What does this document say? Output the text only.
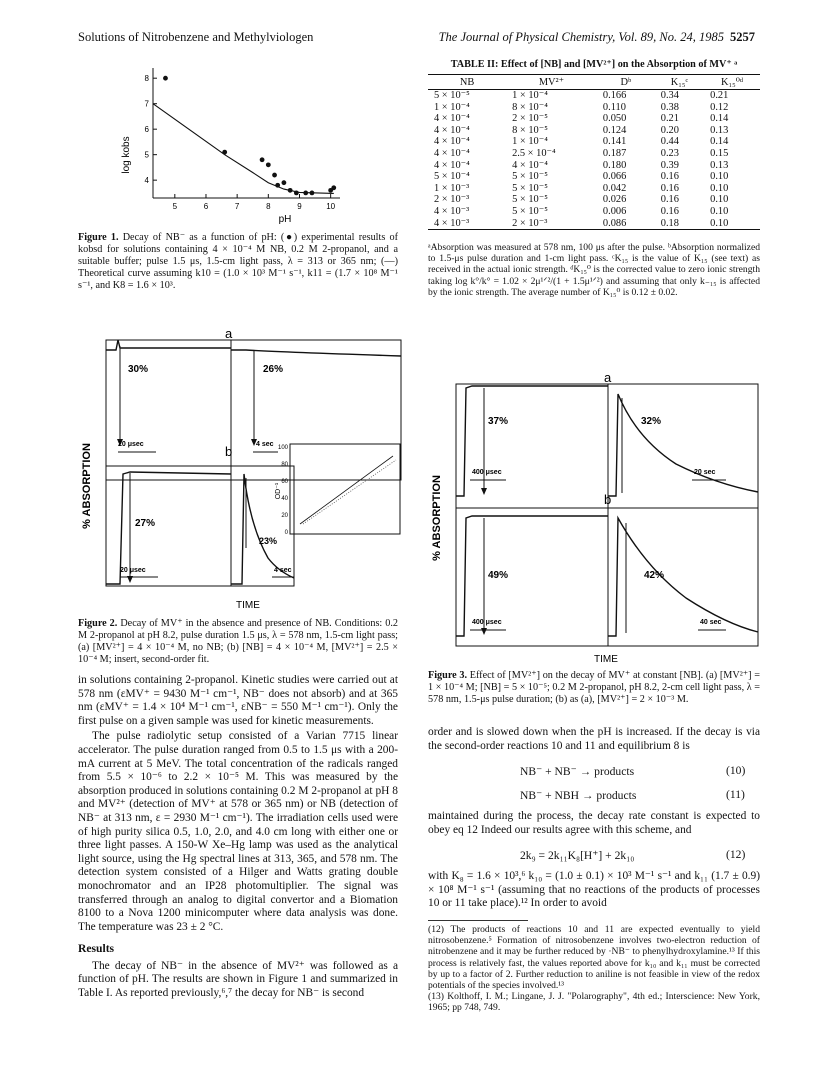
Solutions of Nitrobenzene and Methylviologen	The Journal of Physical Chemistry, Vol. 89, No. 24, 1985 5257
4
5
6
7
8
5	6	7	8	9	10
log kobs
pH
Figure 1. Decay of NB⁻ as a function of pH: (●) experimental results of kobsd for solutions containing 4 × 10⁻⁴ M NB, 0.2 M 2-propanol, and a suitable buffer; pulse 1.5 μs, 1.5-cm light pass, λ = 313 or 365 nm; (—) Theoretical curve assuming k10 = (1.0 × 10³ M⁻¹ s⁻¹, k11 = (1.7 × 10⁸ M⁻¹ s⁻¹, and K8 = 1.6 × 10³.
% ABSORPTION
a
30%	26%
20 μsec	4 sec
b
27%
20 μsec
23%
4 sec
OD⁻¹
100
80
60
40
20
0
TIME
Figure 2. Decay of MV⁺ in the absence and presence of NB. Conditions: 0.2 M 2-propanol at pH 8.2, pulse duration 1.5 μs, λ = 578 nm, 1.5-cm light pass; (a) [MV²⁺] = 4 × 10⁻⁴ M, no NB; (b) [NB] = 4 × 10⁻⁴ M, [MV²⁺] = 2.5 × 10⁻⁴ M; insert, second-order fit.

in solutions containing 2-propanol. Kinetic studies were carried out at 578 nm (εMV⁺ = 9430 M⁻¹ cm⁻¹, NB⁻ does not absorb) and at 365 nm (εMV⁺ = 1.4 × 10⁴ M⁻¹ cm⁻¹, εNB⁻ = 550 M⁻¹ cm⁻¹). Only the first pulse on a given sample was used for kinetic measurements.

The pulse radiolytic setup consisted of a Varian 7715 linear accelerator. The pulse duration ranged from 0.5 to 1.5 μs with a 200-mA current at 5 MeV. The total concentration of the radicals ranged from 5.5 × 10⁻⁶ to 2.2 × 10⁻⁵ M. This was measured by the absorption produced in solutions containing 0.2 M 2-propanol at pH 8 and MV²⁺ (detection of MV⁺ at 578 or 365 nm) or NB (detection of NB⁻ at 313 nm, ε = 2930 M⁻¹ cm⁻¹). The irradiation cells used were of high purity silica 0.5, 1.0, 2.0, and 4.0 cm long with either one or three light passes. A 150-W Xe–Hg lamp was used as the analytical light source, using the Hg spectral lines at 313, 365, and 578 nm. The detection system consisted of a Hilger and Watts grating double monochromator and an IP28 photomultiplier. The signal was transferred through an analog to digital convertor and a Biomation 8100 to a Nova 1200 minicomputer where data analysis was done. The temperature was 23 ± 2 °C.

Results

The decay of NB⁻ in the absence of MV²⁺ was followed as a function of pH. The results are shown in Figure 1 and summarized in Table I. As reported previously,⁶,⁷ the decay for NB⁻ is second

TABLE II: Effect of [NB] and [MV²⁺] on the Absorption of MV⁺ ᵃ
NB	MV²⁺	Dᵇ	K₁₅ᶜ	K₁₅⁰ᵈ
5 × 10⁻⁵	1 × 10⁻⁴	0.166	0.34	0.21
1 × 10⁻⁴	8 × 10⁻⁴	0.110	0.38	0.12
4 × 10⁻⁴	2 × 10⁻⁵	0.050	0.21	0.14
4 × 10⁻⁴	8 × 10⁻⁵	0.124	0.20	0.13
4 × 10⁻⁴	1 × 10⁻⁴	0.141	0.44	0.14
4 × 10⁻⁴	2.5 × 10⁻⁴	0.187	0.23	0.15
4 × 10⁻⁴	4 × 10⁻⁴	0.180	0.39	0.13
5 × 10⁻⁴	5 × 10⁻⁵	0.066	0.16	0.10
1 × 10⁻³	5 × 10⁻⁵	0.042	0.16	0.10
2 × 10⁻³	5 × 10⁻⁵	0.026	0.16	0.10
4 × 10⁻³	5 × 10⁻⁵	0.006	0.16	0.10
4 × 10⁻³	2 × 10⁻³	0.086	0.18	0.10
ᵃAbsorption was measured at 578 nm, 100 μs after the pulse. ᵇAbsorption normalized to 1.5-μs pulse duration and 1-cm light pass. ᶜK₁₅ is the value of K₁₅ (see text) as received in the actual ionic strength. ᵈK₁₅⁰ is the corrected value to zero ionic strength taking log k°/k° = 1.02 × 2μ¹ᐟ²/(1 + 1.5μ¹ᐟ²) and assuming that only k₋₁₅ is affected by the ionic strength. The average number of K₁₅⁰ is 0.12 ± 0.02.
% ABSORPTION
a
37%
400 μsec
32%
20 sec
b
49%
400 μsec
42%
40 sec
TIME
Figure 3. Effect of [MV²⁺] on the decay of MV⁺ at constant [NB]. (a) [MV²⁺] = 1 × 10⁻⁴ M; [NB] = 5 × 10⁻⁵; 0.2 M 2-propanol, pH 8.2, 2-cm cell light pass, λ = 578 nm, 1.5-μs pulse duration; (b) as (a), [MV²⁺] = 2 × 10⁻³ M.

order and is slowed down when the pH is increased. If the decay is via the second-order reactions 10 and 11 and equilibrium 8 is

NB⁻ + NB⁻ → products	(10)
NB⁻ + NBH → products	(11)

maintained during the process, the decay rate constant is expected to obey eq 12 Indeed our results agree with this scheme, and

2k₉ = 2k₁₁K₈[H⁺] + 2k₁₀	(12)

with K₈ = 1.6 × 10³,⁶ k₁₀ = (1.0 ± 0.1) × 10³ M⁻¹ s⁻¹ and k₁₁ (1.7 ± 0.9) × 10⁸ M⁻¹ s⁻¹ (assuming that no reactions of the products of processes 10 or 11 take place).¹² In order to avoid

(12) The products of reactions 10 and 11 are expected eventually to yield nitrosobenzene.⁵ Formation of nitrosobenzene involves two-electron reduction of nitrobenzene and it may be further reduced by ·NB⁻ to phenylhydroxylamine.¹³ If this process is relatively fast, the values reported above for k₁₀ and k₁₁ must be corrected by up to a factor of 2. Further reduction to aniline is not feasible in view of the redox potentials of the species involved.¹³
(13) Kolthoff, I. M.; Lingane, J. J. "Polarography", 4th ed.; Interscience: New York, 1965; pp 748, 749.
